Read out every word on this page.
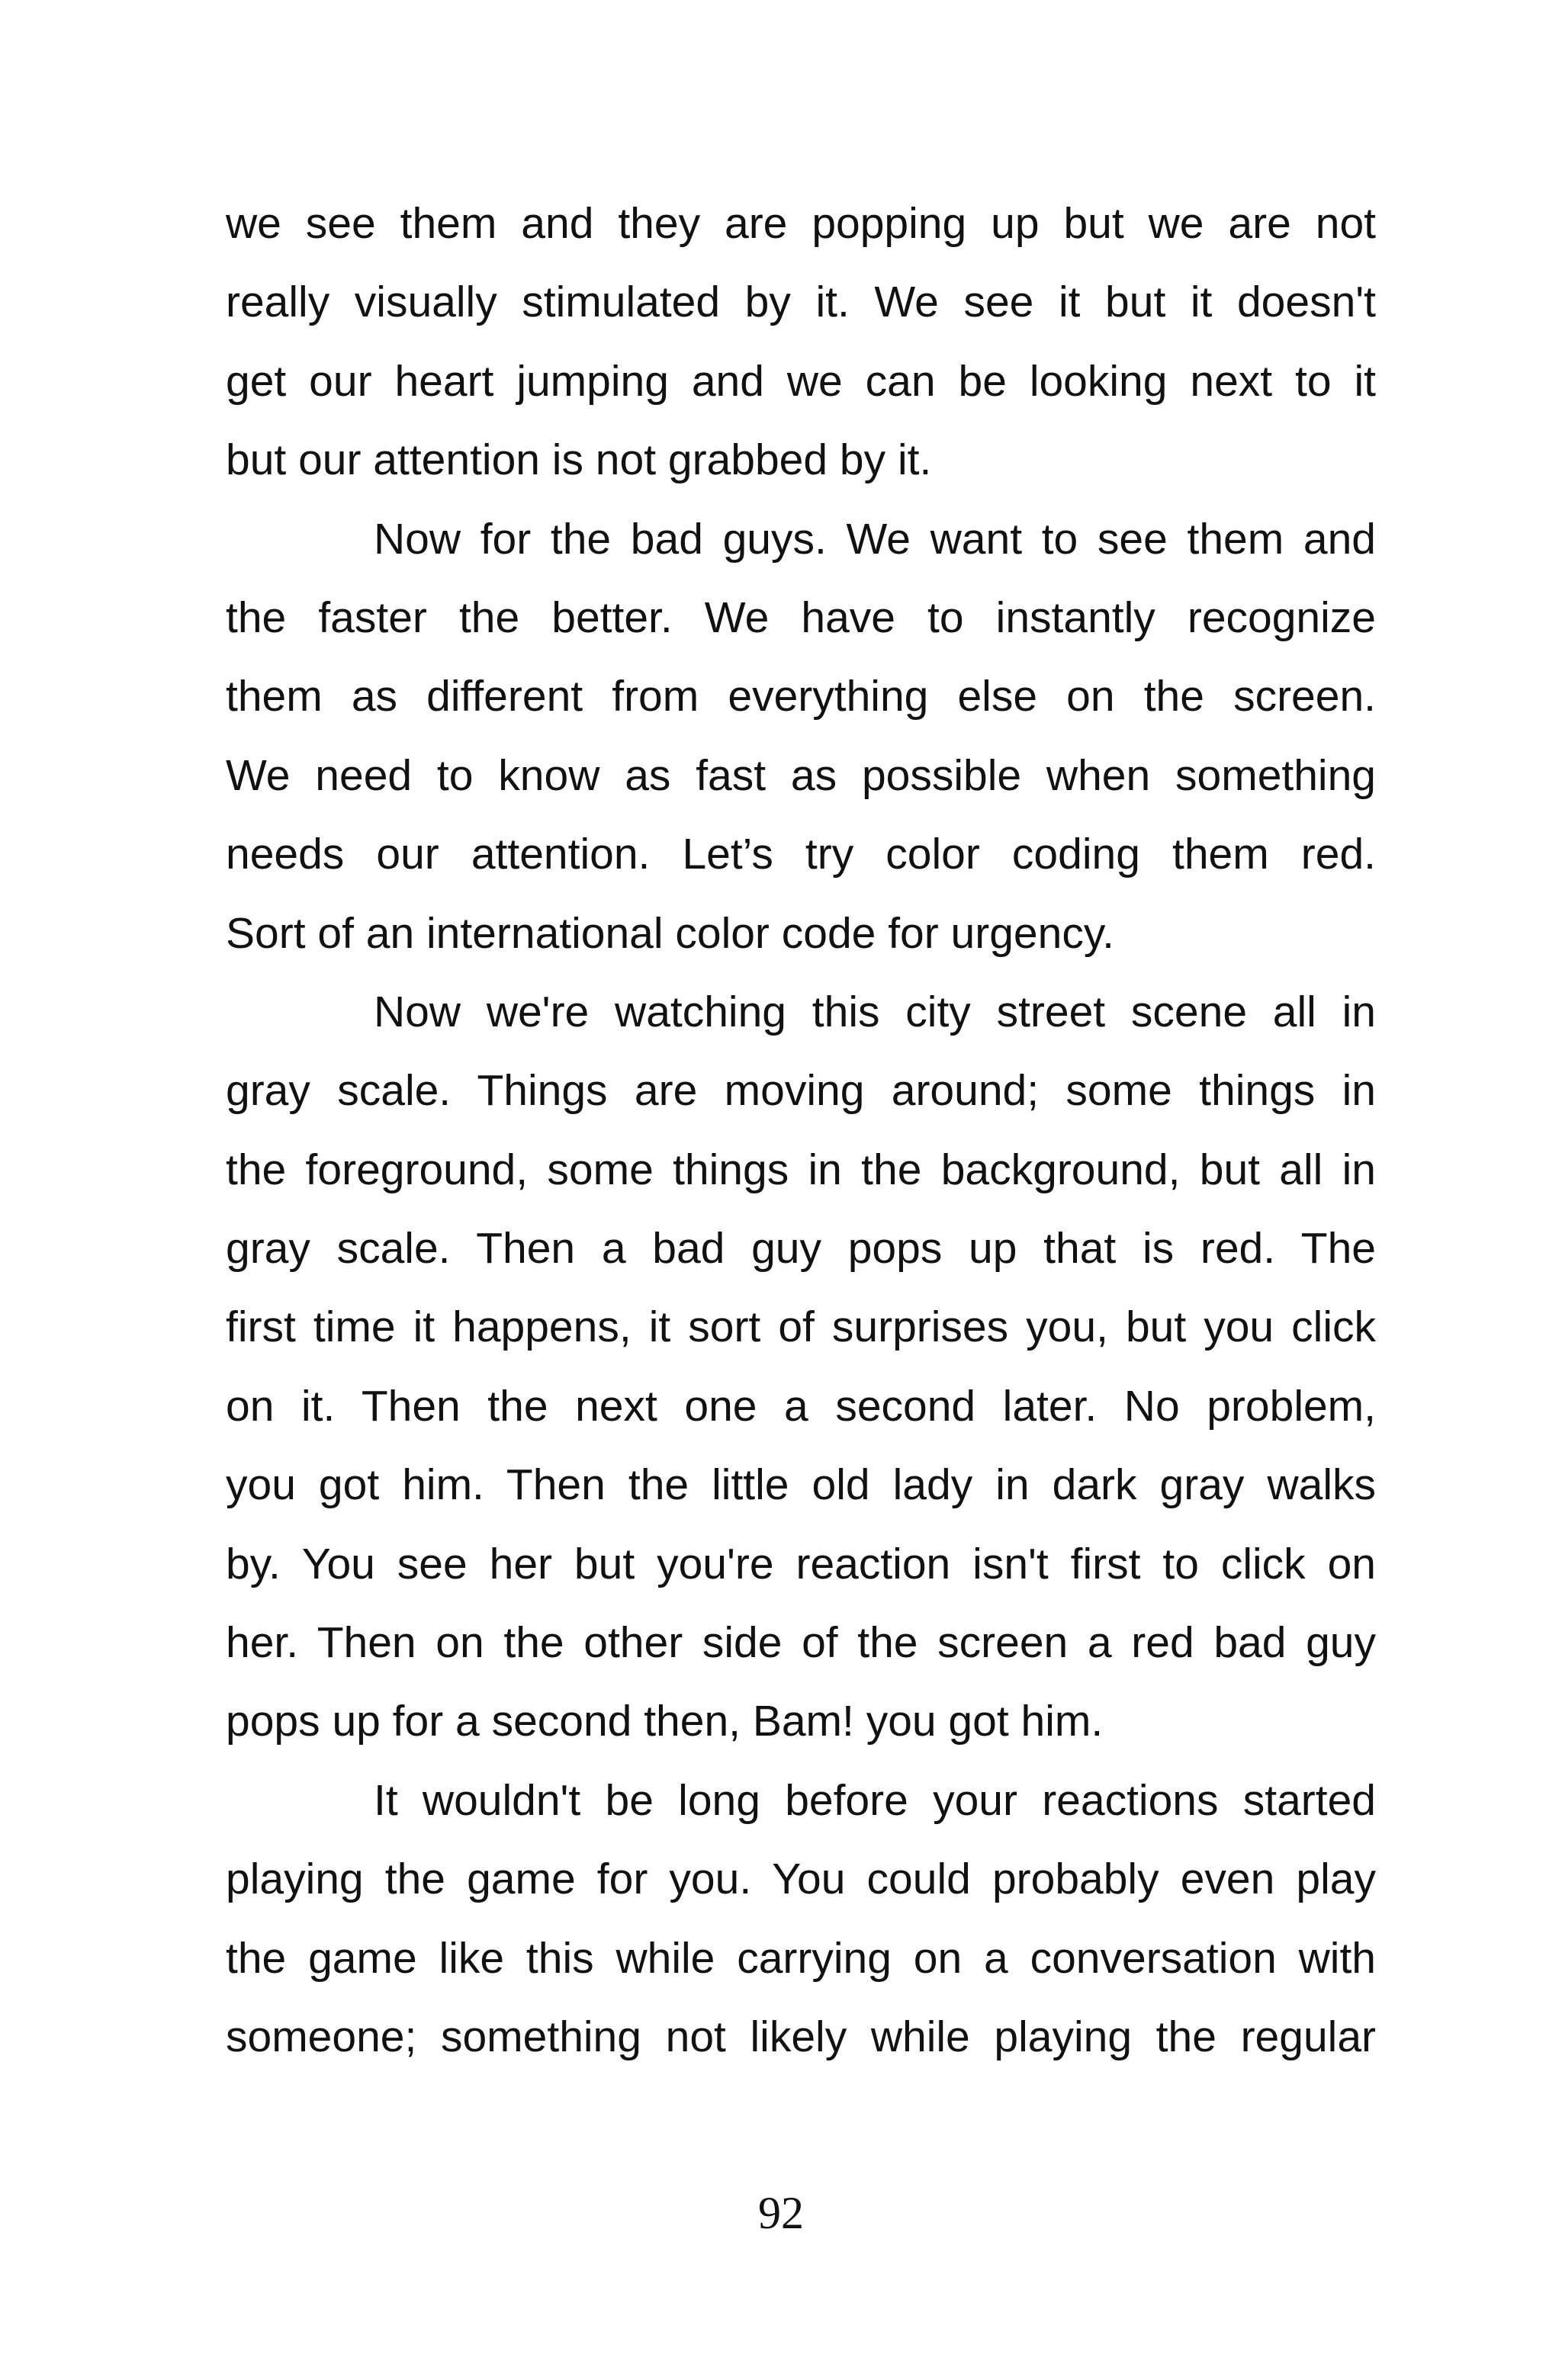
we see them and they are popping up but we are not
really visually stimulated by it. We see it but it doesn't
get our heart jumping and we can be looking next to it
but our attention is not grabbed by it.
Now for the bad guys. We want to see them and
the faster the better. We have to instantly recognize
them as different from everything else on the screen.
We need to know as fast as possible when something
needs our attention. Let’s try color coding them red.
Sort of an international color code for urgency.
Now we're watching this city street scene all in
gray scale. Things are moving around; some things in
the foreground, some things in the background, but all in
gray scale. Then a bad guy pops up that is red. The
first time it happens, it sort of surprises you, but you click
on it. Then the next one a second later. No problem,
you got him. Then the little old lady in dark gray walks
by. You see her but you're reaction isn't first to click on
her. Then on the other side of the screen a red bad guy
pops up for a second then, Bam! you got him.
It wouldn't be long before your reactions started
playing the game for you. You could probably even play
the game like this while carrying on a conversation with
someone; something not likely while playing the regular
92
